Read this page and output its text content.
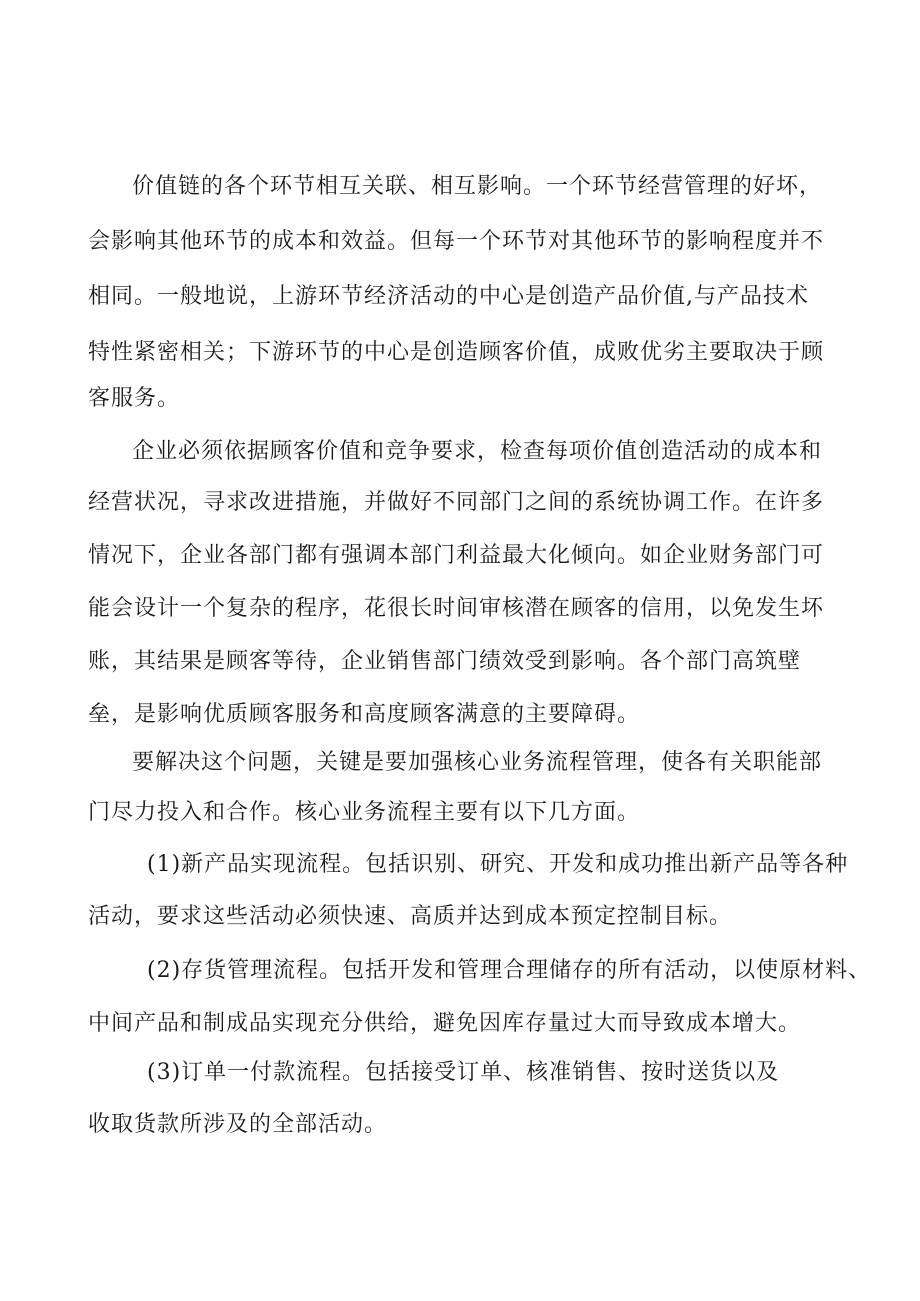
价值链的各个环节相互关联、相互影响。一个环节经营管理的好坏，
会影响其他环节的成本和效益。但每一个环节对其他环节的影响程度并不
相同。一般地说，上游环节经济活动的中心是创造产品价值,与产品技术
特性紧密相关；下游环节的中心是创造顾客价值，成败优劣主要取决于顾
客服务。
企业必须依据顾客价值和竞争要求，检查每项价值创造活动的成本和
经营状况，寻求改进措施，并做好不同部门之间的系统协调工作。在许多
情况下，企业各部门都有强调本部门利益最大化倾向。如企业财务部门可
能会设计一个复杂的程序，花很长时间审核潜在顾客的信用，以免发生坏
账，其结果是顾客等待，企业销售部门绩效受到影响。各个部门高筑壁
垒，是影响优质顾客服务和高度顾客满意的主要障碍。
要解决这个问题，关键是要加强核心业务流程管理，使各有关职能部
门尽力投入和合作。核心业务流程主要有以下几方面。
(1)新产品实现流程。包括识别、研究、开发和成功推出新产品等各种
活动，要求这些活动必须快速、高质并达到成本预定控制目标。
(2)存货管理流程。包括开发和管理合理储存的所有活动，以使原材料、
中间产品和制成品实现充分供给，避免因库存量过大而导致成本增大。
(3)订单一付款流程。包括接受订单、核准销售、按时送货以及
收取货款所涉及的全部活动。
